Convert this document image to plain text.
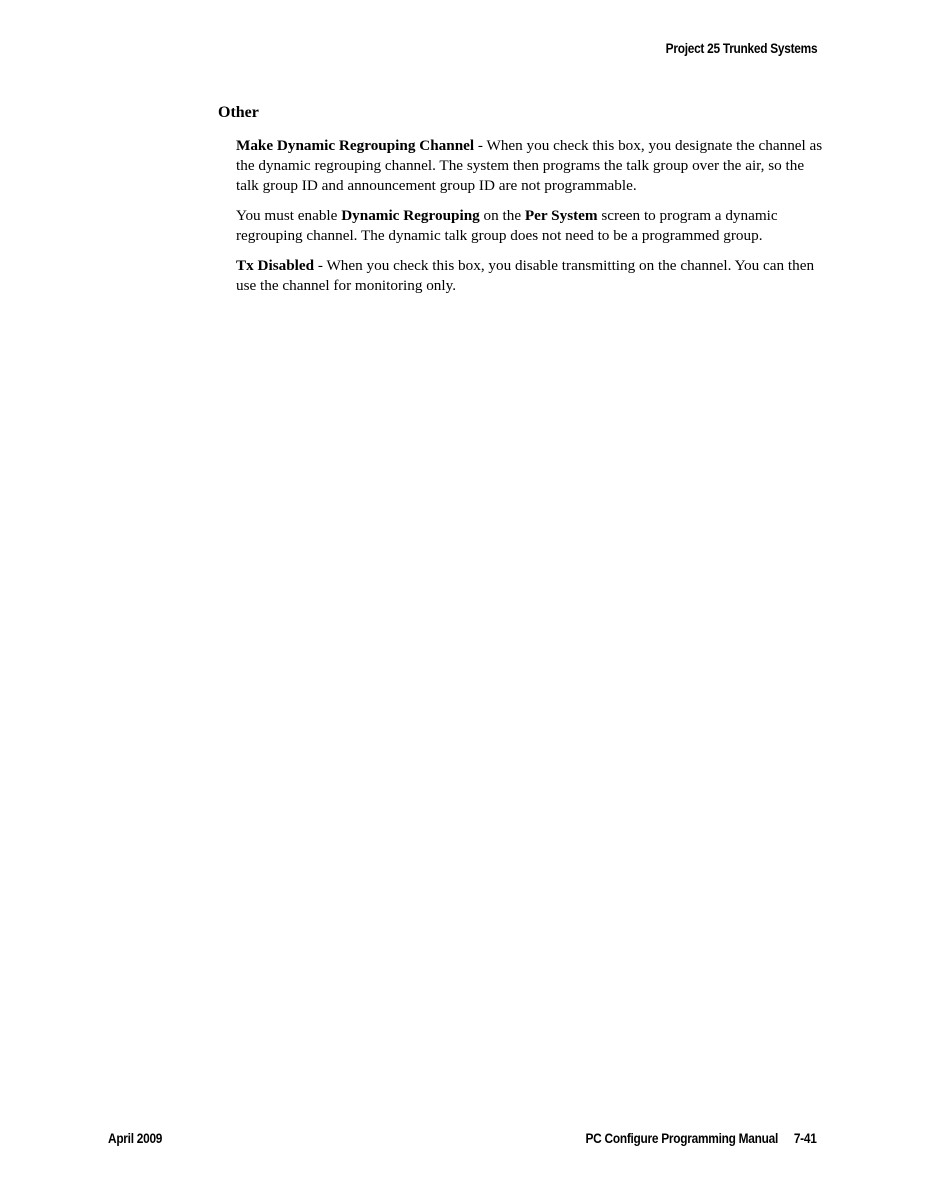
Project 25 Trunked Systems
Other

Make Dynamic Regrouping Channel - When you check this box, you designate the channel as the dynamic regrouping channel. The system then programs the talk group over the air, so the talk group ID and announcement group ID are not programmable.

You must enable Dynamic Regrouping on the Per System screen to program a dynamic regrouping channel. The dynamic talk group does not need to be a programmed group.

Tx Disabled - When you check this box, you disable transmitting on the channel. You can then use the channel for monitoring only.

April 2009	PC Configure Programming Manual 7-41
